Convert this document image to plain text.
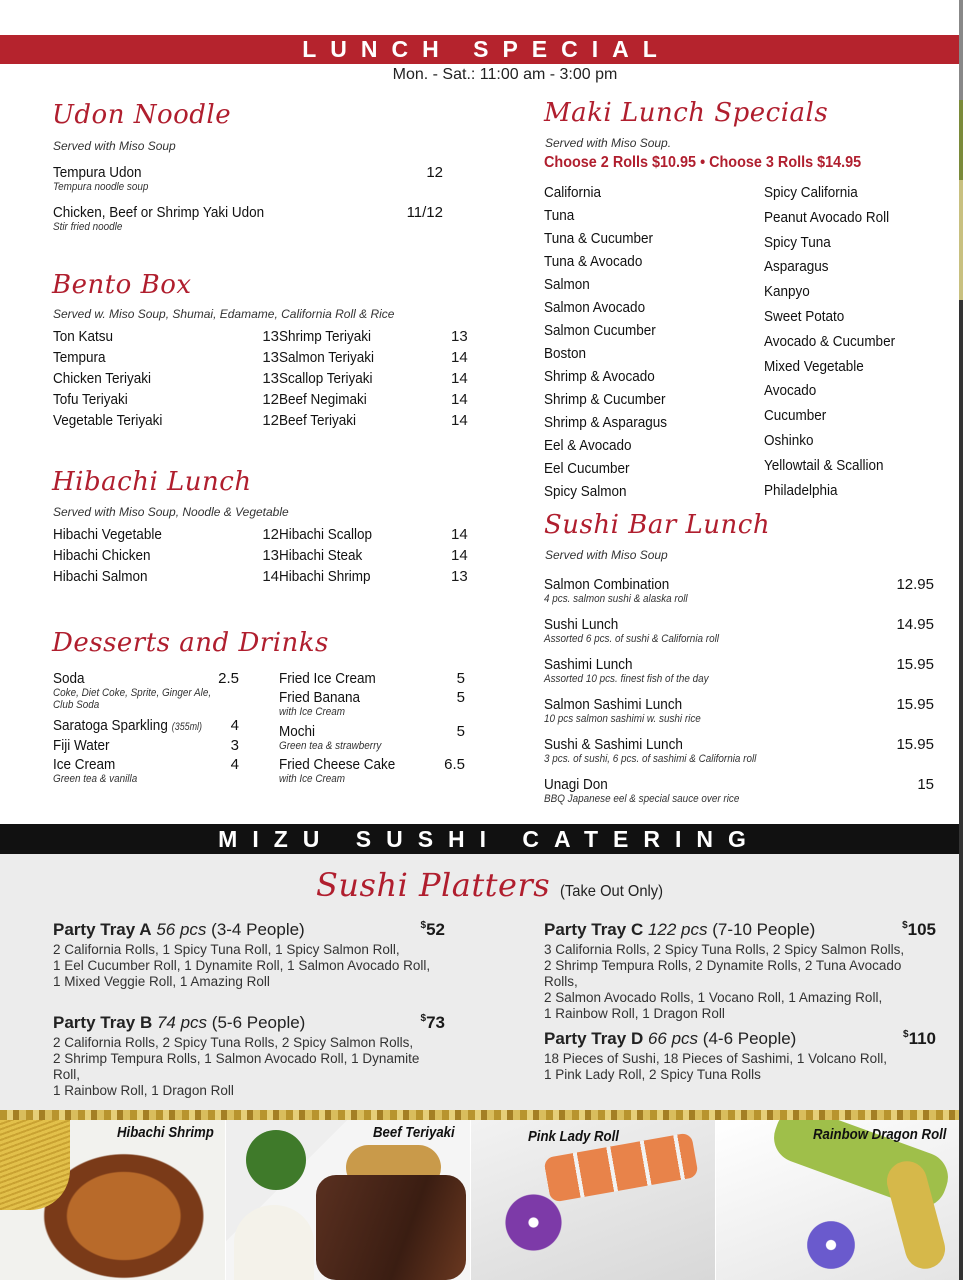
LUNCH SPECIAL
Mon. - Sat.: 11:00 am - 3:00 pm
Udon Noodle
Served with Miso Soup
Tempura Udon
Tempura noodle soup
12
Chicken, Beef or Shrimp Yaki Udon
Stir fried noodle
11/12
Bento Box
Served w. Miso Soup, Shumai, Edamame, California Roll & Rice
Ton Katsu	13 Shrimp Teriyaki	13
Tempura	13 Salmon Teriyaki	14
Chicken Teriyaki	13 Scallop Teriyaki	14
Tofu Teriyaki	12 Beef Negimaki	14
Vegetable Teriyaki	12 Beef Teriyaki	14
Hibachi Lunch
Served with Miso Soup, Noodle & Vegetable
Hibachi Vegetable	12 Hibachi Scallop	14
Hibachi Chicken	13 Hibachi Steak	14
Hibachi Salmon	14 Hibachi Shrimp	13
Desserts and Drinks
Soda
Coke, Diet Coke, Sprite, Ginger Ale,
Club Soda
2.5
Saratoga Sparkling (355ml)	4
Fiji Water	3
Ice Cream
Green tea & vanilla
4
Fried Ice Cream	5
Fried Banana
with Ice Cream
5
Mochi
Green tea & strawberry
5
Fried Cheese Cake
with Ice Cream
6.5
Maki Lunch Specials
Served with Miso Soup.
Choose 2 Rolls $10.95 • Choose 3 Rolls $14.95
California
Tuna
Tuna & Cucumber
Tuna & Avocado
Salmon
Salmon Avocado
Salmon Cucumber
Boston
Shrimp & Avocado
Shrimp & Cucumber
Shrimp & Asparagus
Eel & Avocado
Eel Cucumber
Spicy Salmon
Spicy California
Peanut Avocado Roll
Spicy Tuna
Asparagus
Kanpyo
Sweet Potato
Avocado & Cucumber
Mixed Vegetable
Avocado
Cucumber
Oshinko
Yellowtail & Scallion
Philadelphia
Sushi Bar Lunch
Served with Miso Soup
Salmon Combination
4 pcs. salmon sushi & alaska roll
12.95
Sushi Lunch
Assorted 6 pcs. of sushi & California roll
14.95
Sashimi Lunch
Assorted 10 pcs. finest fish of the day
15.95
Salmon Sashimi Lunch
10 pcs salmon sashimi w. sushi rice
15.95
Sushi & Sashimi Lunch
3 pcs. of sushi, 6 pcs. of sashimi & California roll
15.95
Unagi Don
BBQ Japanese eel & special sauce over rice
15
MIZU SUSHI CATERING
Sushi Platters (Take Out Only)
Party Tray A 56 pcs (3-4 People)	$52
2 California Rolls, 1 Spicy Tuna Roll, 1 Spicy Salmon Roll,
1 Eel Cucumber Roll, 1 Dynamite Roll, 1 Salmon Avocado Roll,
1 Mixed Veggie Roll, 1 Amazing Roll
Party Tray B 74 pcs (5-6 People)	$73
2 California Rolls, 2 Spicy Tuna Rolls, 2 Spicy Salmon Rolls,
2 Shrimp Tempura Rolls, 1 Salmon Avocado Roll, 1 Dynamite Roll,
1 Rainbow Roll, 1 Dragon Roll
Party Tray C 122 pcs (7-10 People)	$105
3 California Rolls, 2 Spicy Tuna Rolls, 2 Spicy Salmon Rolls,
2 Shrimp Tempura Rolls, 2 Dynamite Rolls, 2 Tuna Avocado Rolls,
2 Salmon Avocado Rolls, 1 Vocano Roll, 1 Amazing Roll,
1 Rainbow Roll, 1 Dragon Roll
Party Tray D 66 pcs (4-6 People)	$110
18 Pieces of Sushi, 18 Pieces of Sashimi, 1 Volcano Roll,
1 Pink Lady Roll, 2 Spicy Tuna Rolls
Hibachi Shrimp	Beef Teriyaki	Pink Lady Roll	Rainbow Dragon Roll
